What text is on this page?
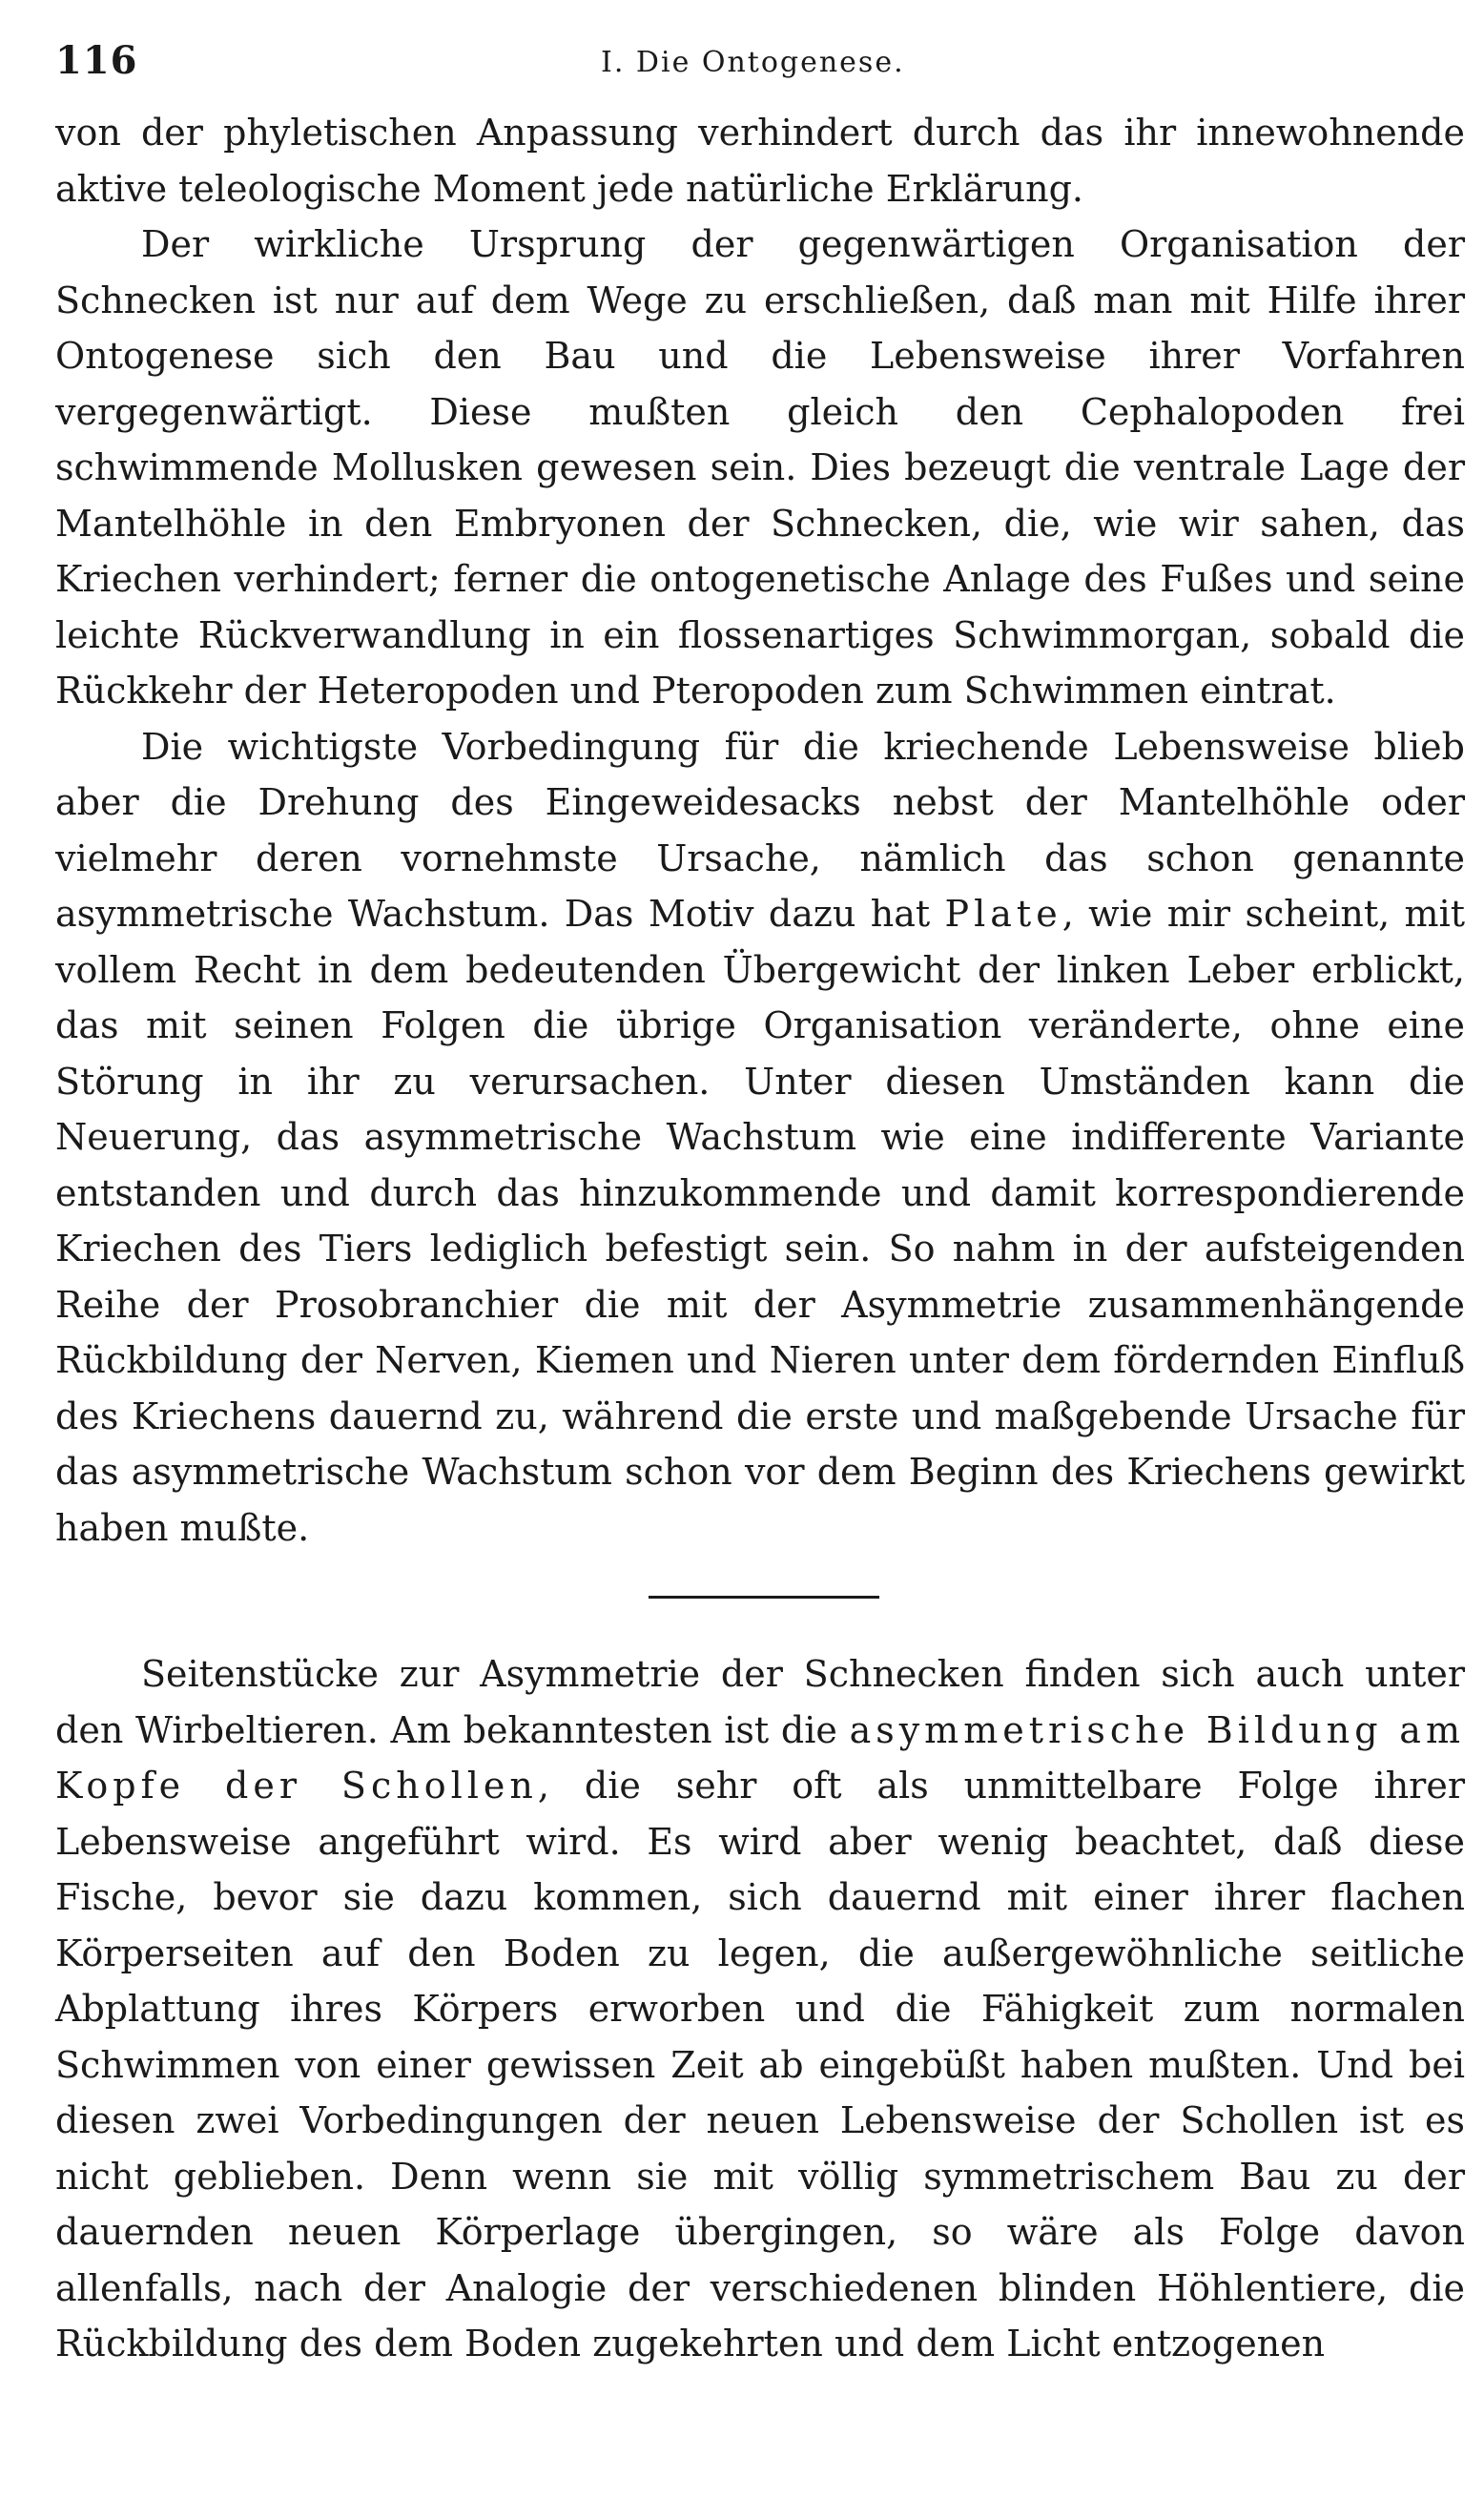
116	I. Die Ontogenese.

von der phyletischen Anpassung verhindert durch das ihr innewohnende aktive teleologische Moment jede natürliche Erklärung.

Der wirkliche Ursprung der gegenwärtigen Organisation der Schnecken ist nur auf dem Wege zu erschließen, daß man mit Hilfe ihrer Ontogenese sich den Bau und die Lebensweise ihrer Vorfahren vergegenwärtigt. Diese mußten gleich den Cephalopoden frei schwimmende Mollusken gewesen sein. Dies bezeugt die ventrale Lage der Mantelhöhle in den Embryonen der Schnecken, die, wie wir sahen, das Kriechen verhindert; ferner die ontogenetische Anlage des Fußes und seine leichte Rückverwandlung in ein flossenartiges Schwimmorgan, sobald die Rückkehr der Heteropoden und Pteropoden zum Schwimmen eintrat.

Die wichtigste Vorbedingung für die kriechende Lebensweise blieb aber die Drehung des Eingeweidesacks nebst der Mantelhöhle oder vielmehr deren vornehmste Ursache, nämlich das schon genannte asymmetrische Wachstum. Das Motiv dazu hat Plate, wie mir scheint, mit vollem Recht in dem bedeutenden Übergewicht der linken Leber erblickt, das mit seinen Folgen die übrige Organisation veränderte, ohne eine Störung in ihr zu verursachen. Unter diesen Umständen kann die Neuerung, das asymmetrische Wachstum wie eine indifferente Variante entstanden und durch das hinzukommende und damit korrespondierende Kriechen des Tiers lediglich befestigt sein. So nahm in der aufsteigenden Reihe der Prosobranchier die mit der Asymmetrie zusammenhängende Rückbildung der Nerven, Kiemen und Nieren unter dem fördernden Einfluß des Kriechens dauernd zu, während die erste und maßgebende Ursache für das asymmetrische Wachstum schon vor dem Beginn des Kriechens gewirkt haben mußte.

Seitenstücke zur Asymmetrie der Schnecken finden sich auch unter den Wirbeltieren. Am bekanntesten ist die asymmetrische Bildung am Kopfe der Schollen, die sehr oft als unmittelbare Folge ihrer Lebensweise angeführt wird. Es wird aber wenig beachtet, daß diese Fische, bevor sie dazu kommen, sich dauernd mit einer ihrer flachen Körperseiten auf den Boden zu legen, die außergewöhnliche seitliche Abplattung ihres Körpers erworben und die Fähigkeit zum normalen Schwimmen von einer gewissen Zeit ab eingebüßt haben mußten. Und bei diesen zwei Vorbedingungen der neuen Lebensweise der Schollen ist es nicht geblieben. Denn wenn sie mit völlig symmetrischem Bau zu der dauernden neuen Körperlage übergingen, so wäre als Folge davon allenfalls, nach der Analogie der verschiedenen blinden Höhlentiere, die Rückbildung des dem Boden zugekehrten und dem Licht entzogenen
